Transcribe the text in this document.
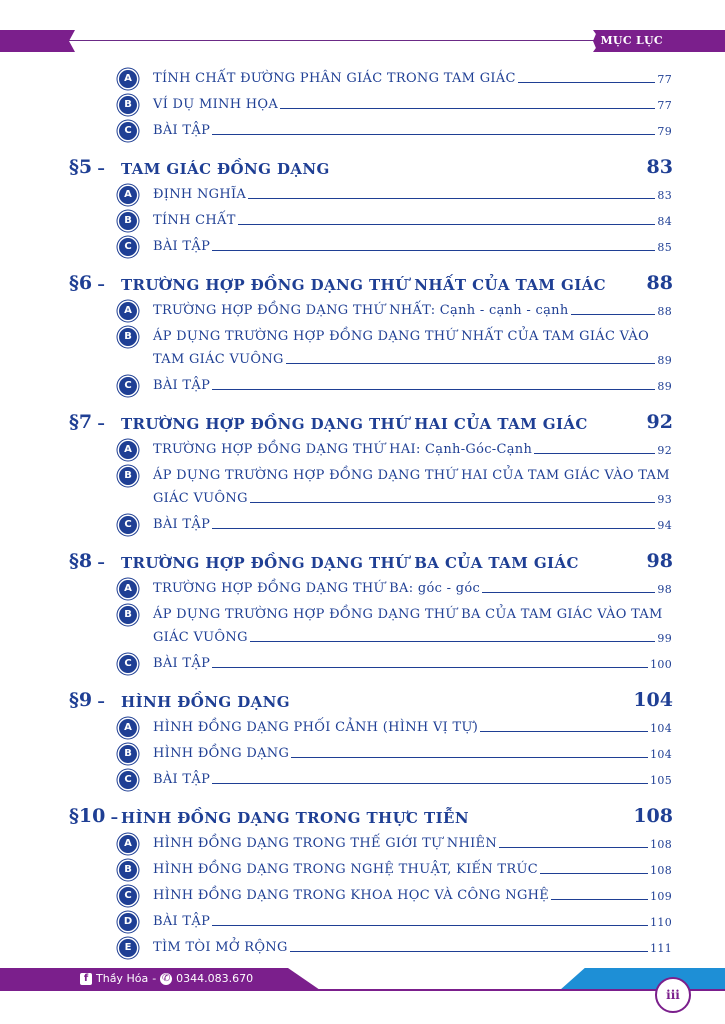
MỤC LỤC
A	TÍNH CHẤT ĐƯỜNG PHÂN GIÁC TRONG TAM GIÁC	77
B	VÍ DỤ MINH HỌA	77
C	BÀI TẬP	79
§5 – TAM GIÁC ĐỒNG DẠNG	83
A	ĐỊNH NGHĨA	83
B	TÍNH CHẤT	84
C	BÀI TẬP	85
§6 – TRƯỜNG HỢP ĐỒNG DẠNG THỨ NHẤT CỦA TAM GIÁC 88
A	TRƯỜNG HỢP ĐỒNG DẠNG THỨ NHẤT: Cạnh - cạnh - cạnh	88
B	ÁP DỤNG TRƯỜNG HỢP ĐỒNG DẠNG THỨ NHẤT CỦA TAM GIÁC VÀO
TAM GIÁC VUÔNG	89
C	BÀI TẬP	89
§7 – TRƯỜNG HỢP ĐỒNG DẠNG THỨ HAI CỦA TAM GIÁC	92
A	TRƯỜNG HỢP ĐỒNG DẠNG THỨ HAI: Cạnh-Góc-Cạnh	92
B	ÁP DỤNG TRƯỜNG HỢP ĐỒNG DẠNG THỨ HAI CỦA TAM GIÁC VÀO TAM
GIÁC VUÔNG	93
C	BÀI TẬP	94
§8 – TRƯỜNG HỢP ĐỒNG DẠNG THỨ BA CỦA TAM GIÁC	98
A	TRƯỜNG HỢP ĐỒNG DẠNG THỨ BA: góc - góc	98
B	ÁP DỤNG TRƯỜNG HỢP ĐỒNG DẠNG THỨ BA CỦA TAM GIÁC VÀO TAM
GIÁC VUÔNG	99
C	BÀI TẬP	100
§9 – HÌNH ĐỒNG DẠNG	104
A	HÌNH ĐỒNG DẠNG PHỐI CẢNH (HÌNH VỊ TỰ)	104
B	HÌNH ĐỒNG DẠNG	104
C	BÀI TẬP	105
§10 – HÌNH ĐỒNG DẠNG TRONG THỰC TIỄN	108
A	HÌNH ĐỒNG DẠNG TRONG THẾ GIỚI TỰ NHIÊN	108
B	HÌNH ĐỒNG DẠNG TRONG NGHỆ THUẬT, KIẾN TRÚC	108
C	HÌNH ĐỒNG DẠNG TRONG KHOA HỌC VÀ CÔNG NGHỆ	109
D	BÀI TẬP	110
E	TÌM TÒI MỞ RỘNG	111
f Thầy Hóa - ✆ 0344.083.670
iii
